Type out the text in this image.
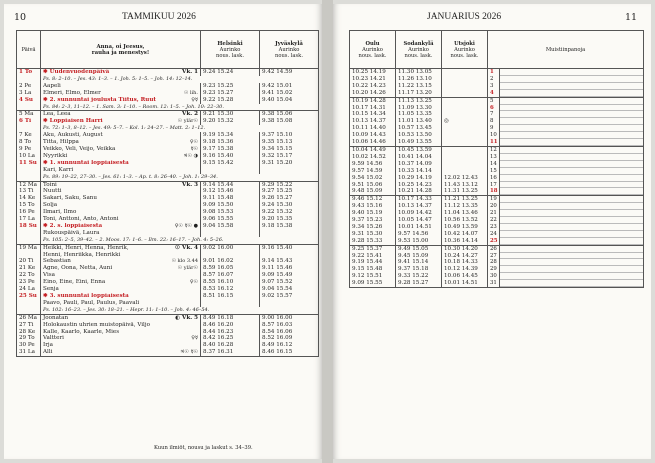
10	TAMMIKUU 2026
Päivä	Anna, oi Jeesus,
rauha ja menestys!	Helsinki
Aurinko
nous. lask.	Jyväskylä
Aurinko
nous. lask.
1 To	✱ Uudenvuodenpäivä Vk. 1	9.24 15.24	9.42 14.59
	Ps. 8: 2–10. – Jes. 43: 1–3. – 1. Joh. 5: 1–5. – Joh. 14: 12–14.		
2 Pe	Aapeli	9.23 15.25	9.42 15.01
3 La	Elmeri, Elmo, Elmer ☉ lih.	9.23 15.27	9.41 15.02
4 Su	✱ 2. sunnuntai joulusta Tiitus, Ruut ♀☿	9.22 15.28	9.40 15.04
	Ps. 84: 2–3, 11–12. – 1. Sam. 3: 1–10. – Room. 12: 1–5. – Joh. 10: 22–30.		
5 Ma	Lea, Leea Vk. 2	9.21 15.30	9.38 15.06
6 Ti	✱ Loppiaisen Harri ☉ ylär☉	9.20 15.32	9.38 15.08
	Ps. 72: 1–3, 8–12. – Jes. 49: 5–7. – Kol. 1: 24–27. – Matt. 2: 1–12.		
7 Ke	Aku, Aukusti, August	9.19 15.34	9.37 15.10
8 To	Titta, Hilppa ♀☉	9.18 15.36	9.35 15.13
9 Pe	Veikko, Veli, Veijo, Veikka ☿☉	9.17 15.38	9.34 15.15
10 La	Nyyrikki ♃☉ ◑	9.16 15.40	9.32 15.17
11 Su	✱ 1. sunnuntai loppiaisesta	9.15 15.42	9.31 15.20
	Kari, Karri		
	Ps. 89: 19–22, 27–30. – Jes. 61: 1–3. – Ap. t. 8: 26–40. – Joh. 1: 29–34.		
12 Ma	Toini Vk. 3	9.14 15.44	9.29 15.22
13 Ti	Nuutti	9.12 15.46	9.27 15.25
14 Ke	Sakari, Saku, Sanu	9.11 15.48	9.26 15.27
15 To	Solja	9.09 15.50	9.24 15.30
16 Pe	Ilmari, Ilmo	9.08 15.53	9.22 15.32
17 La	Toni, Anttoni, Anto, Antoni	9.06 15.55	9.20 15.35
18 Su	✱ 2. s. loppiaisesta ♀☉ ☿☉ ●	9.04 15.58	9.18 15.38
	Rukouspäivä, Laura		
	Ps. 105: 2–5, 39–42. – 2. Moos. 17: 1–6. – Ilm. 22: 16–17. – Joh. 4: 5–26.		
19 Ma	Heikki, Henri, Henna, Henrik, ☉ Vk. 4	9.02 16.00	9.16 15.40
	Henni, Henriikka, Henrikki		
20 Ti	Sebastian ☉ klo 3.44	9.01 16.02	9.14 15.43
21 Ke	Agne, Oona, Netta, Auni ☉ ylär☉	8.59 16.05	9.11 15.46
22 To	Visa	8.57 16.07	9.09 15.49
23 Pe	Eino, Eine, Eini, Enna ♀☉	8.55 16.10	9.07 15.52
24 La	Senja	8.53 16.12	9.04 15.54
25 Su	✱ 3. sunnuntai loppiaisesta	8.51 16.15	9.02 15.57
	Paavo, Pauli, Paul, Paulus, Paavali		
	Ps. 102: 16–23. – Jes. 30: 18–21. – Hepr. 11: 1–10. – Joh. 4: 46–54.		
26 Ma	Joonatan ◐ Vk. 5	8.49 16.18	9.00 16.00
27 Ti	Holokaustin uhrien muistopäivä, Viljo	8.46 16.20	8.57 16.03
28 Ke	Kalle, Kaarlo, Kaarle, Mies	8.44 16.23	8.54 16.06
29 To	Valtteri ♀☿	8.42 16.25	8.52 16.09
30 Pe	Irja	8.40 16.28	8.49 16.12
31 La	Alli ♃☉ ☿☉	8.37 16.31	8.46 16.15
Kuun ilmiöt, nousu ja laskut s. 34–39.
JANUARIUS 2026	11
Oulu
Aurinko
nous. lask.	Sodankylä
Aurinko
nous. lask.	Utsjoki
Aurinko
nous. lask.	Muistiinpanoja	
10.25 14.19	11.30 13.05		1	

10.23 14.21	11.26 13.10		2	
10.22 14.23	11.22 13.15		3	
10.20 14.26	11.17 13.20		4	

10.19 14.28	11.13 13.25		5	
10.17 14.31	11.09 13.30		6	

10.15 14.34	11.05 13.35		7	
10.13 14.37	11.01 13.40	◎	8	
10.11 14.40	10.57 13.45		9	
10.09 14.43	10.53 13.50		10	
10.06 14.46	10.49 13.55		11	

10.04 14.49	10.45 13.59		12	
10.02 14.52	10.41 14.04		13	
9.59 14.56	10.37 14.09		14	
9.57 14.59	10.33 14.14		15	
9.54 15.02	10.29 14.19	12.02 12.43	16	
9.51 15.06	10.25 14.23	11.43 13.12	17	
9.48 15.09	10.21 14.28	11.31 13.25	18	

9.46 15.12	10.17 14.33	11.21 13.25	19	

9.43 15.16	10.13 14.37	11.12 13.35	20	
9.40 15.19	10.09 14.42	11.04 13.46	21	
9.37 15.23	10.05 14.47	10.56 13.52	22	
9.34 15.26	10.01 14.51	10.49 13.59	23	
9.31 15.30	9.57 14.56	10.42 14.07	24	
9.28 15.33	9.53 15.00	10.36 14.14	25	

9.25 15.37	9.49 15.05	10.30 14.20	26	
9.22 15.41	9.45 15.09	10.24 14.27	27	
9.19 15.44	9.41 15.14	10.18 14.33	28	
9.15 15.48	9.37 15.18	10.12 14.39	29	
9.12 15.51	9.33 15.22	10.06 14.45	30	
9.09 15.55	9.28 15.27	10.01 14.51	31	
